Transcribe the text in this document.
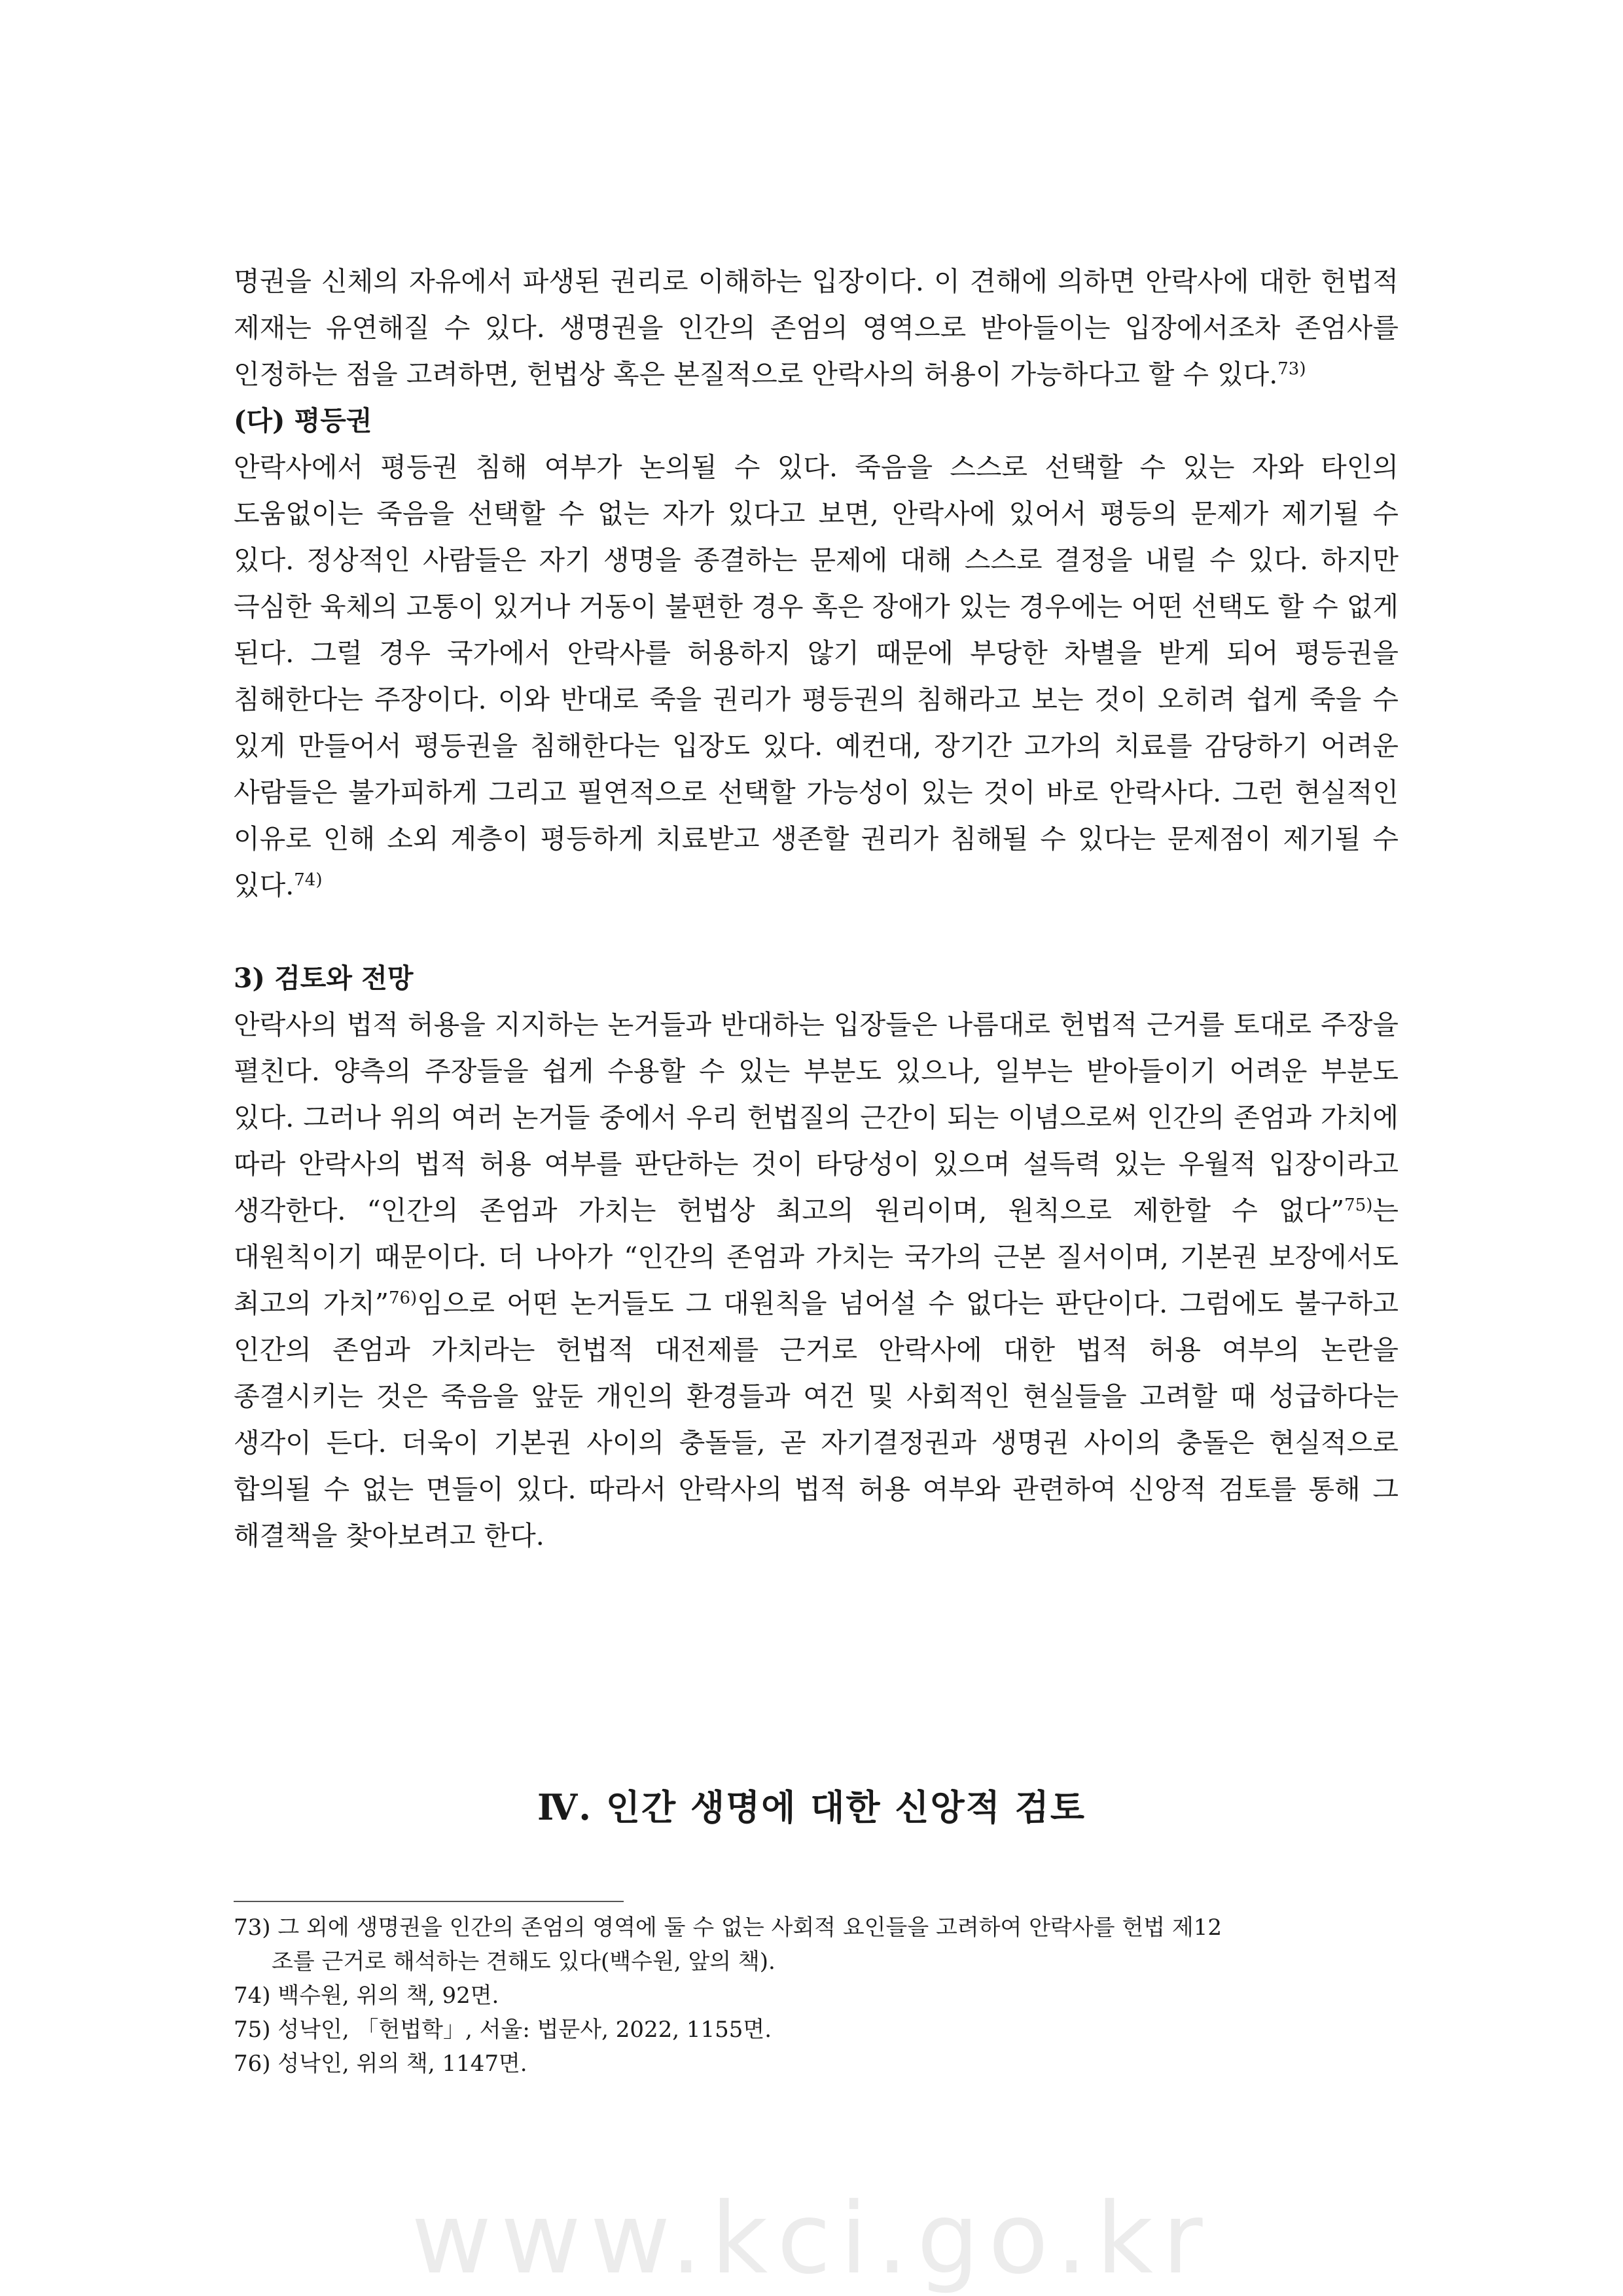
명권을 신체의 자유에서 파생된 권리로 이해하는 입장이다. 이 견해에 의하면 안락사에 대한 헌법적 제재는 유연해질 수 있다. 생명권을 인간의 존엄의 영역으로 받아들이는 입장에서조차 존엄사를 인정하는 점을 고려하면, 헌법상 혹은 본질적으로 안락사의 허용이 가능하다고 할 수 있다.$^{73)}$

(다) 평등권

안락사에서 평등권 침해 여부가 논의될 수 있다. 죽음을 스스로 선택할 수 있는 자와 타인의 도움없이는 죽음을 선택할 수 없는 자가 있다고 보면, 안락사에 있어서 평등의 문제가 제기될 수 있다. 정상적인 사람들은 자기 생명을 종결하는 문제에 대해 스스로 결정을 내릴 수 있다. 하지만 극심한 육체의 고통이 있거나 거동이 불편한 경우 혹은 장애가 있는 경우에는 어떤 선택도 할 수 없게 된다. 그럴 경우 국가에서 안락사를 허용하지 않기 때문에 부당한 차별을 받게 되어 평등권을 침해한다는 주장이다. 이와 반대로 죽을 권리가 평등권의 침해라고 보는 것이 오히려 쉽게 죽을 수 있게 만들어서 평등권을 침해한다는 입장도 있다. 예컨대, 장기간 고가의 치료를 감당하기 어려운 사람들은 불가피하게 그리고 필연적으로 선택할 가능성이 있는 것이 바로 안락사다. 그런 현실적인 이유로 인해 소외 계층이 평등하게 치료받고 생존할 권리가 침해될 수 있다는 문제점이 제기될 수 있다.$^{74)}$

3) 검토와 전망

안락사의 법적 허용을 지지하는 논거들과 반대하는 입장들은 나름대로 헌법적 근거를 토대로 주장을 펼친다. 양측의 주장들을 쉽게 수용할 수 있는 부분도 있으나, 일부는 받아들이기 어려운 부분도 있다. 그러나 위의 여러 논거들 중에서 우리 헌법질의 근간이 되는 이념으로써 인간의 존엄과 가치에 따라 안락사의 법적 허용 여부를 판단하는 것이 타당성이 있으며 설득력 있는 우월적 입장이라고 생각한다. “인간의 존엄과 가치는 헌법상 최고의 원리이며, 원칙으로 제한할 수 없다”$^{75)}$는 대원칙이기 때문이다. 더 나아가 “인간의 존엄과 가치는 국가의 근본 질서이며, 기본권 보장에서도 최고의 가치”$^{76)}$임으로 어떤 논거들도 그 대원칙을 넘어설 수 없다는 판단이다. 그럼에도 불구하고 인간의 존엄과 가치라는 헌법적 대전제를 근거로 안락사에 대한 법적 허용 여부의 논란을 종결시키는 것은 죽음을 앞둔 개인의 환경들과 여건 및 사회적인 현실들을 고려할 때 성급하다는 생각이 든다. 더욱이 기본권 사이의 충돌들, 곧 자기결정권과 생명권 사이의 충돌은 현실적으로 합의될 수 없는 면들이 있다. 따라서 안락사의 법적 허용 여부와 관련하여 신앙적 검토를 통해 그 해결책을 찾아보려고 한다.

Ⅳ. 인간 생명에 대한 신앙적 검토

73) 그 외에 생명권을 인간의 존엄의 영역에 둘 수 없는 사회적 요인들을 고려하여 안락사를 헌법 제12
조를 근거로 해석하는 견해도 있다(백수원, 앞의 책).

74) 백수원, 위의 책, 92면.

75) 성낙인, 「헌법학」, 서울: 법문사, 2022, 1155면.

76) 성낙인, 위의 책, 1147면.

www.kci.go.kr
